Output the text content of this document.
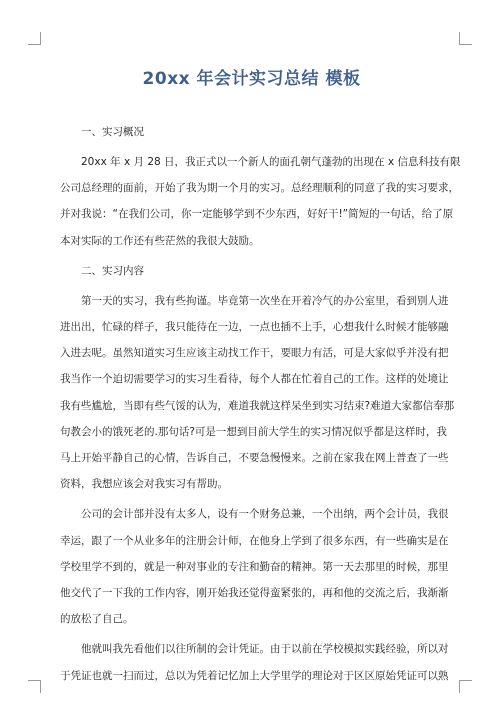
20xx 年会计实习总结 模板
一、实习概况
20xx 年 x 月 28 日，我正式以一个新人的面孔朝气蓬勃的出现在 x 信息科技有限
公司总经理的面前，开始了我为期一个月的实习。总经理顺利的同意了我的实习要求，
并对我说：“在我们公司，你一定能够学到不少东西，好好干!”简短的一句话，给了原
本对实际的工作还有些茫然的我很大鼓励。
二、实习内容
第一天的实习，我有些拘谨。毕竟第一次坐在开着冷气的办公室里，看到别人进
进出出，忙碌的样子，我只能待在一边，一点也插不上手，心想我什么时候才能够融
入进去呢。虽然知道实习生应该主动找工作干，要眼力有活，可是大家似乎并没有把
我当作一个迫切需要学习的实习生看待，每个人都在忙着自己的工作。这样的处境让
我有些尴尬，当即有些气馁的认为，难道我就这样呆坐到实习结束?难道大家都信奉那
句教会小的饿死老的.那句话?可是一想到目前大学生的实习情况似乎都是这样时，我
马上开始平静自己的心情，告诉自己，不要急慢慢来。之前在家我在网上普查了一些
资料，我想应该会对我实习有帮助。
公司的会计部并没有太多人，设有一个财务总兼，一个出纳，两个会计员，我很
幸运，跟了一个从业多年的注册会计师，在他身上学到了很多东西，有一些确实是在
学校里学不到的，就是一种对事业的专注和勤奋的精神。第一天去那里的时候，那里
他交代了一下我的工作内容，刚开始我还觉得蛮紧张的，再和他的交流之后，我渐渐
的放松了自己。
他就叫我先看他们以往所制的会计凭证。由于以前在学校模拟实践经验，所以对
于凭证也就一扫而过，总以为凭着记忆加上大学里学的理论对于区区原始凭证可以熟
